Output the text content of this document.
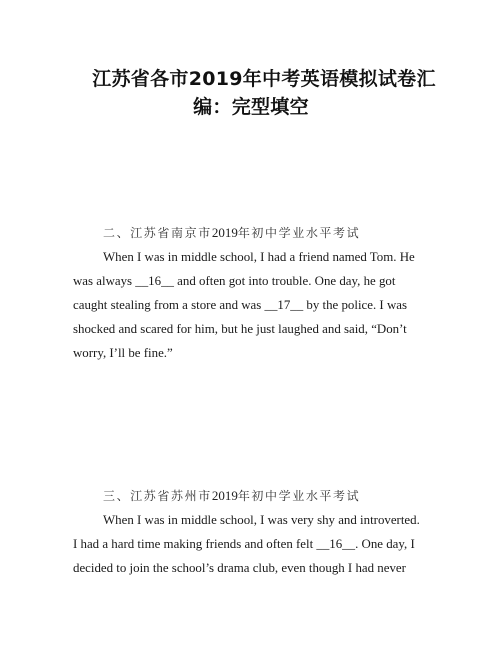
江苏省各市2019年中考英语模拟试卷汇
编：完型填空
二、江苏省南京市2019年初中学业水平考试
When I was in middle school, I had a friend named Tom. He
was always __16__ and often got into trouble. One day, he got
caught stealing from a store and was __17__ by the police. I was
shocked and scared for him, but he just laughed and said, “Don’t
worry, I’ll be fine.”
三、江苏省苏州市2019年初中学业水平考试
When I was in middle school, I was very shy and introverted.
I had a hard time making friends and often felt __16__. One day, I
decided to join the school’s drama club, even though I had never
